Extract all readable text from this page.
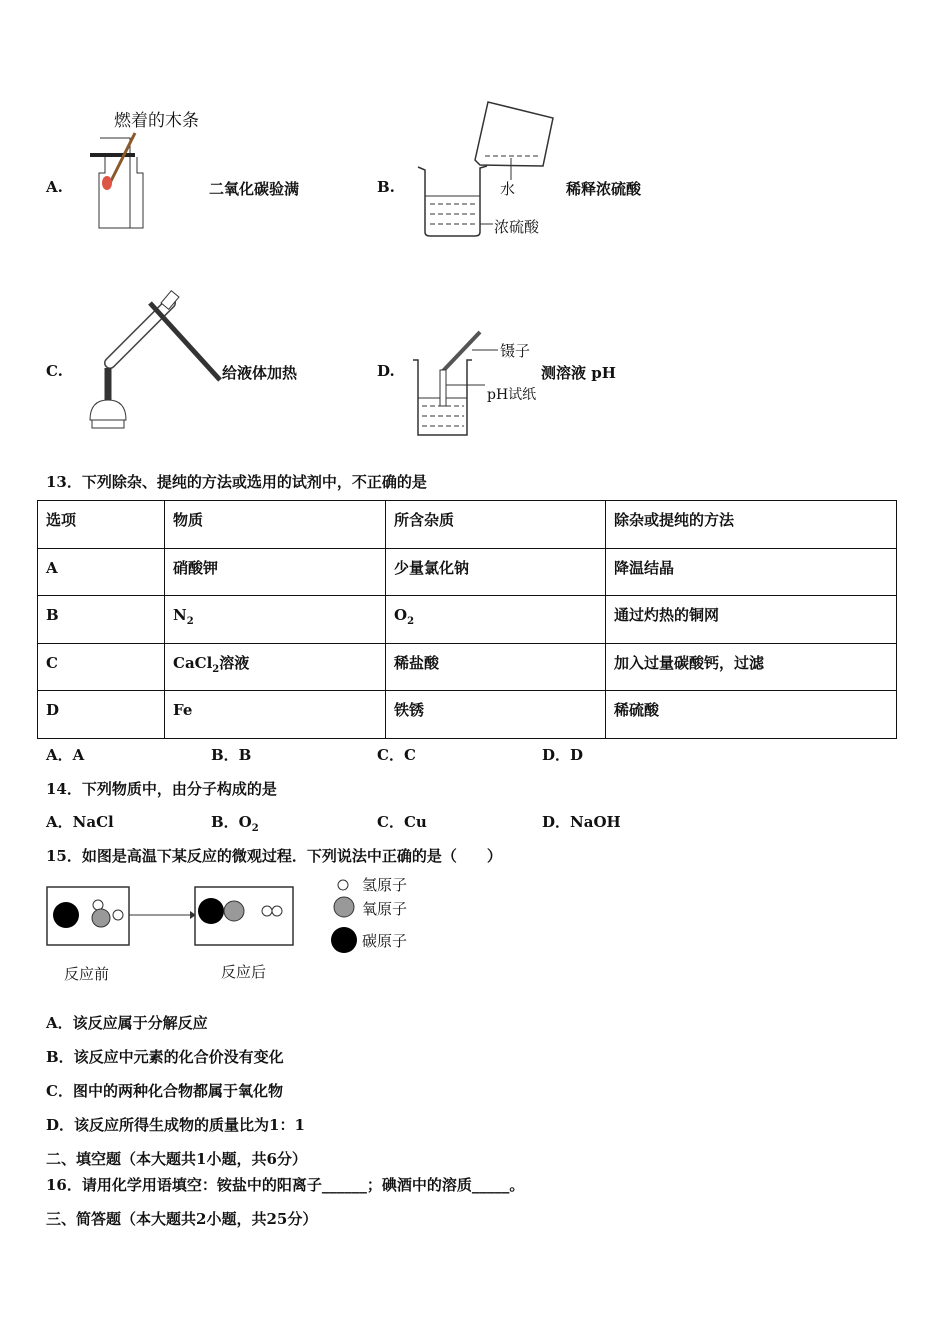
A.
燃着的木条
二氧化碳验满	B.	水
浓硫酸
稀释浓硫酸
C.	给液体加热	D.
镊子
pH试纸
测溶液 pH
13．下列除杂、提纯的方法或选用的试剂中，不正确的是
选项	物质	所含杂质	除杂或提纯的方法
A	硝酸钾	少量氯化钠	降温结晶
B	$N_2$	$O_2$	通过灼热的铜网
C	CaCl$_2$溶液	稀盐酸	加入过量碳酸钙，过滤
D	Fe	铁锈	稀硫酸
A．A	B．B	C．C	D．D
14．下列物质中，由分子构成的是
A．NaCl	B．$O_2$	C．Cu	D．NaOH
15．如图是高温下某反应的微观过程．下列说法中正确的是（　　）
反应前	反应后
氢原子
氧原子
碳原子
A．该反应属于分解反应
B．该反应中元素的化合价没有变化
C．图中的两种化合物都属于氧化物
D．该反应所得生成物的质量比为1：1
二、填空题（本大题共1小题，共6分）
16．请用化学用语填空：铵盐中的阳离子______；碘酒中的溶质_____。
三、简答题（本大题共2小题，共25分）
